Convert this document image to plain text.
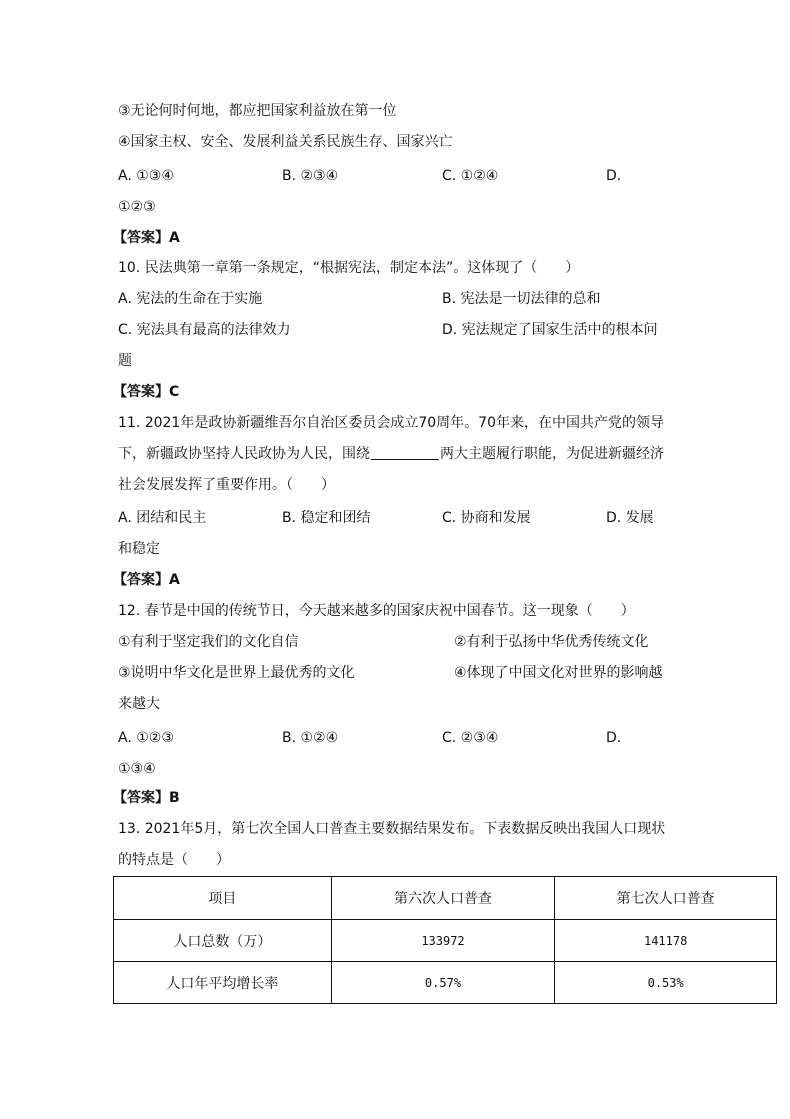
③无论何时何地，都应把国家利益放在第一位
④国家主权、安全、发展利益关系民族生存、国家兴亡
A. ①③④	B. ②③④	C. ①②④	D.
①②③
【答案】A
10. 民法典第一章第一条规定，“根据宪法，制定本法”。这体现了（　　）
A. 宪法的生命在于实施	B. 宪法是一切法律的总和
C. 宪法具有最高的法律效力	D. 宪法规定了国家生活中的根本问
题
【答案】C
11. 2021年是政协新疆维吾尔自治区委员会成立70周年。70年来，在中国共产党的领导
下，新疆政协坚持人民政协为人民，围绕	两大主题履行职能，为促进新疆经济
社会发展发挥了重要作用。（　　）
A. 团结和民主	B. 稳定和团结	C. 协商和发展	D. 发展
和稳定
【答案】A
12. 春节是中国的传统节日，今天越来越多的国家庆祝中国春节。这一现象（　　）
①有利于坚定我们的文化自信	②有利于弘扬中华优秀传统文化
③说明中华文化是世界上最优秀的文化	④体现了中国文化对世界的影响越
来越大
A. ①②③	B. ①②④	C. ②③④	D.
①③④
【答案】B
13. 2021年5月，第七次全国人口普查主要数据结果发布。下表数据反映出我国人口现状
的特点是（　　）
项目	第六次人口普查	第七次人口普查
人口总数（万）	133972	141178
人口年平均增长率	0.57%	0.53%
